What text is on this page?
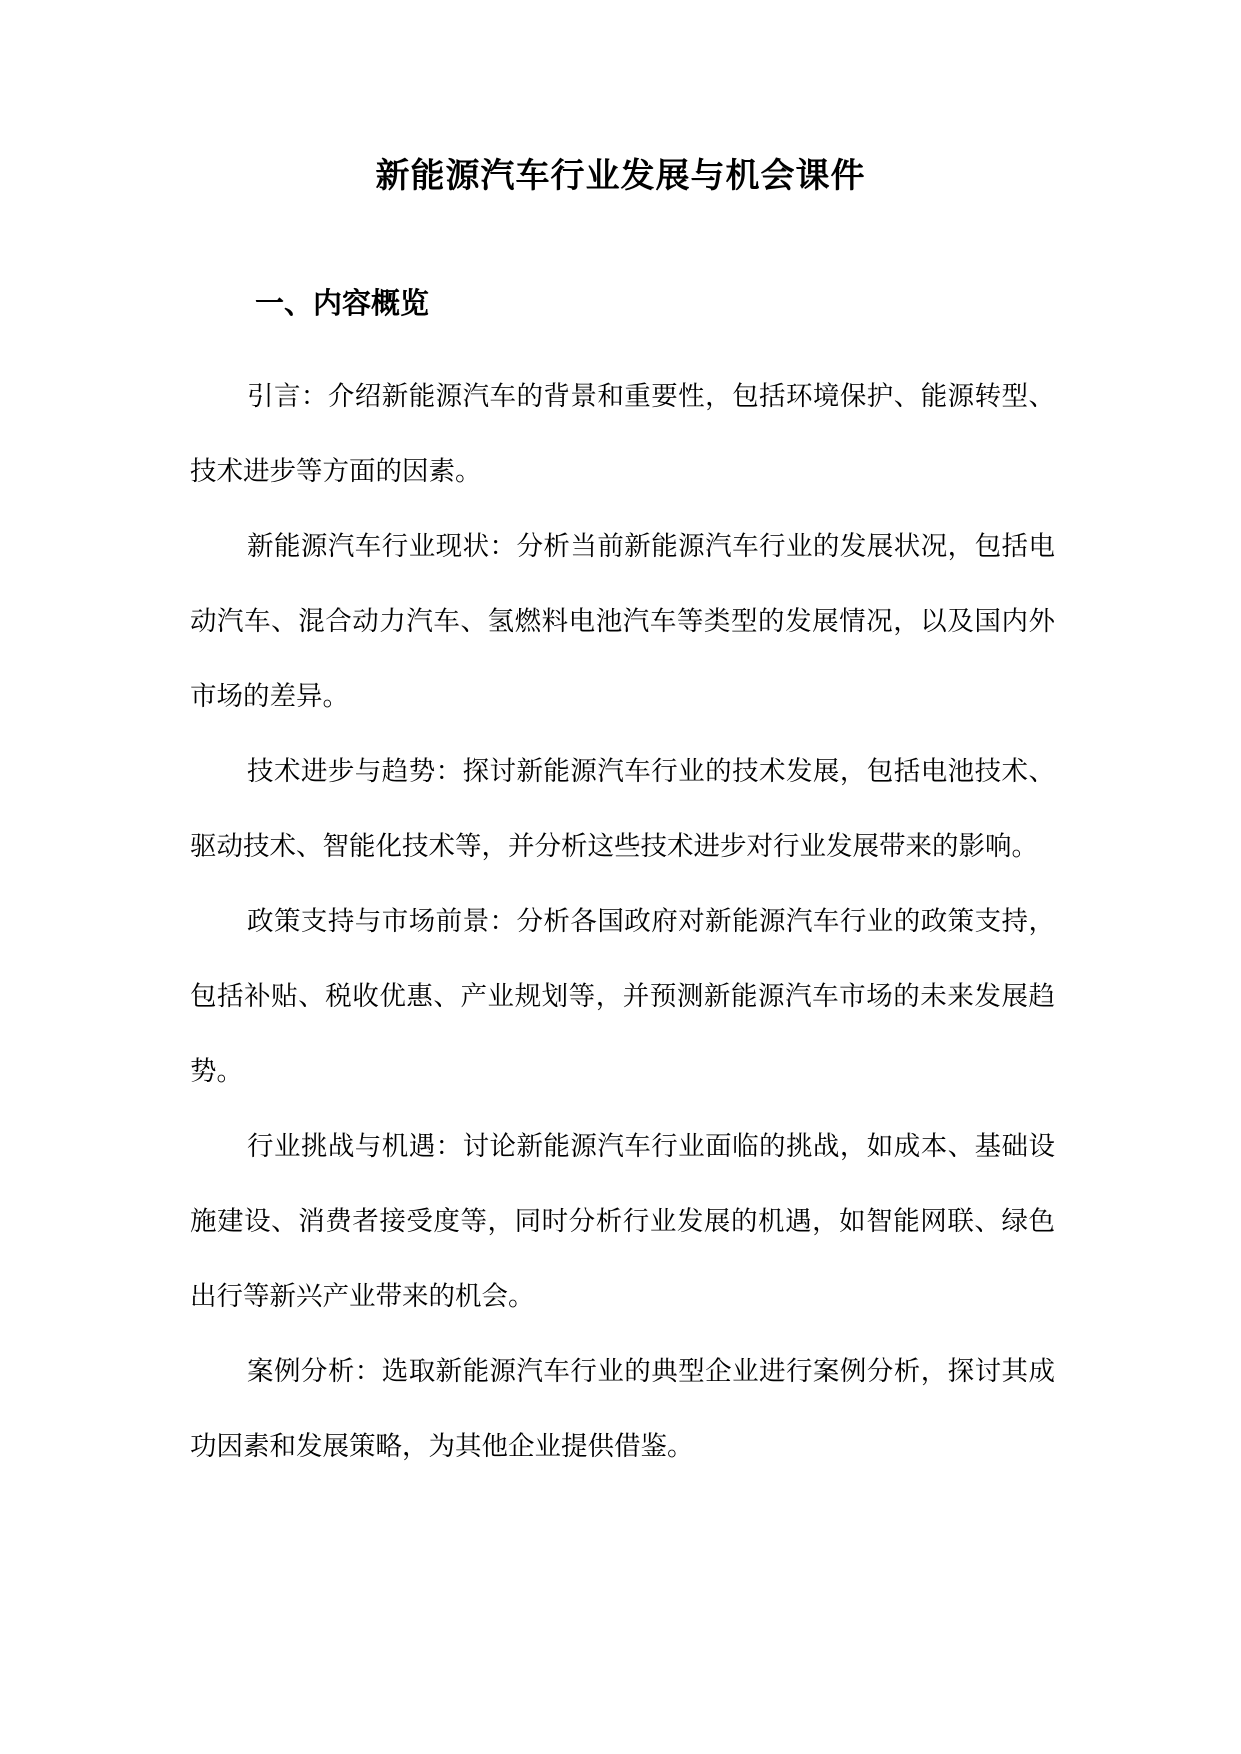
新能源汽车行业发展与机会课件
一、内容概览

引言：介绍新能源汽车的背景和重要性，包括环境保护、能源转型、技术进步等方面的因素。

新能源汽车行业现状：分析当前新能源汽车行业的发展状况，包括电动汽车、混合动力汽车、氢燃料电池汽车等类型的发展情况，以及国内外市场的差异。

技术进步与趋势：探讨新能源汽车行业的技术发展，包括电池技术、驱动技术、智能化技术等，并分析这些技术进步对行业发展带来的影响。

政策支持与市场前景：分析各国政府对新能源汽车行业的政策支持，包括补贴、税收优惠、产业规划等，并预测新能源汽车市场的未来发展趋势。

行业挑战与机遇：讨论新能源汽车行业面临的挑战，如成本、基础设施建设、消费者接受度等，同时分析行业发展的机遇，如智能网联、绿色出行等新兴产业带来的机会。

案例分析：选取新能源汽车行业的典型企业进行案例分析，探讨其成功因素和发展策略，为其他企业提供借鉴。
